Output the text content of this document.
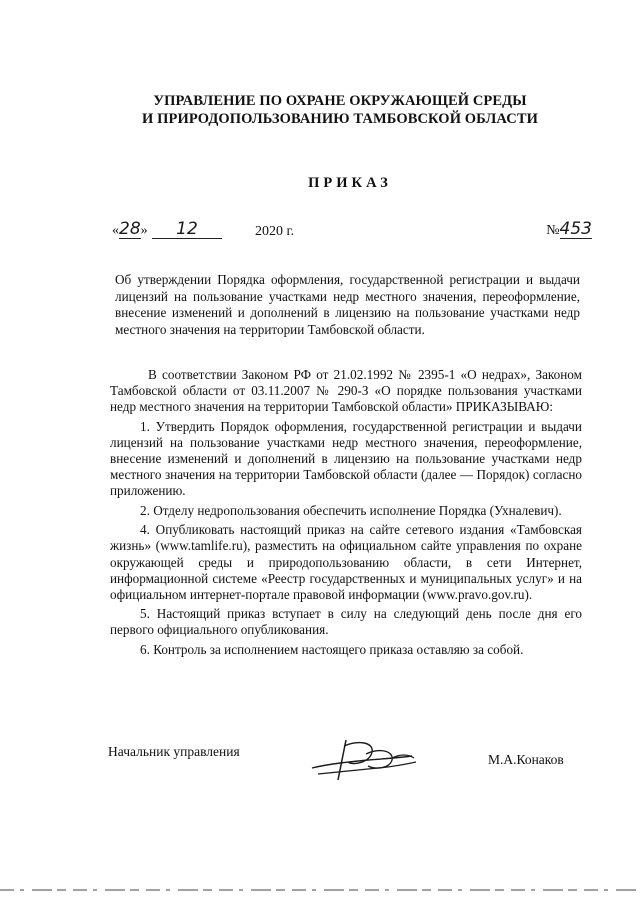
УПРАВЛЕНИЕ ПО ОХРАНЕ ОКРУЖАЮЩЕЙ СРЕДЫ
И ПРИРОДОПОЛЬЗОВАНИЮ ТАМБОВСКОЙ ОБЛАСТИ
ПРИКАЗ
«28»	12	2020 г.	№453
Об утверждении Порядка оформления, государственной регистрации и выдачи лицензий на пользование участками недр местного значения, переоформление, внесение изменений и дополнений в лицензию на пользование участками недр местного значения на территории Тамбовской области.

В соответствии Законом РФ от 21.02.1992 № 2395-1 «О недрах», Законом Тамбовской области от 03.11.2007 № 290-З «О порядке пользования участками недр местного значения на территории Тамбовской области» ПРИКАЗЫВАЮ:

1. Утвердить Порядок оформления, государственной регистрации и выдачи лицензий на пользование участками недр местного значения, переоформление, внесение изменений и дополнений в лицензию на пользование участками недр местного значения на территории Тамбовской области (далее — Порядок) согласно приложению.

2. Отделу недропользования обеспечить исполнение Порядка (Ухналевич).

4. Опубликовать настоящий приказ на сайте сетевого издания «Тамбовская жизнь» (www.tamlife.ru), разместить на официальном сайте управления по охране окружающей среды и природопользованию области, в сети Интернет, информационной системе «Реестр государственных и муниципальных услуг» и на официальном интернет-портале правовой информации (www.pravo.gov.ru).

5. Настоящий приказ вступает в силу на следующий день после дня его первого официального опубликования.

6. Контроль за исполнением настоящего приказа оставляю за собой.

Начальник управления
М.А.Конаков
